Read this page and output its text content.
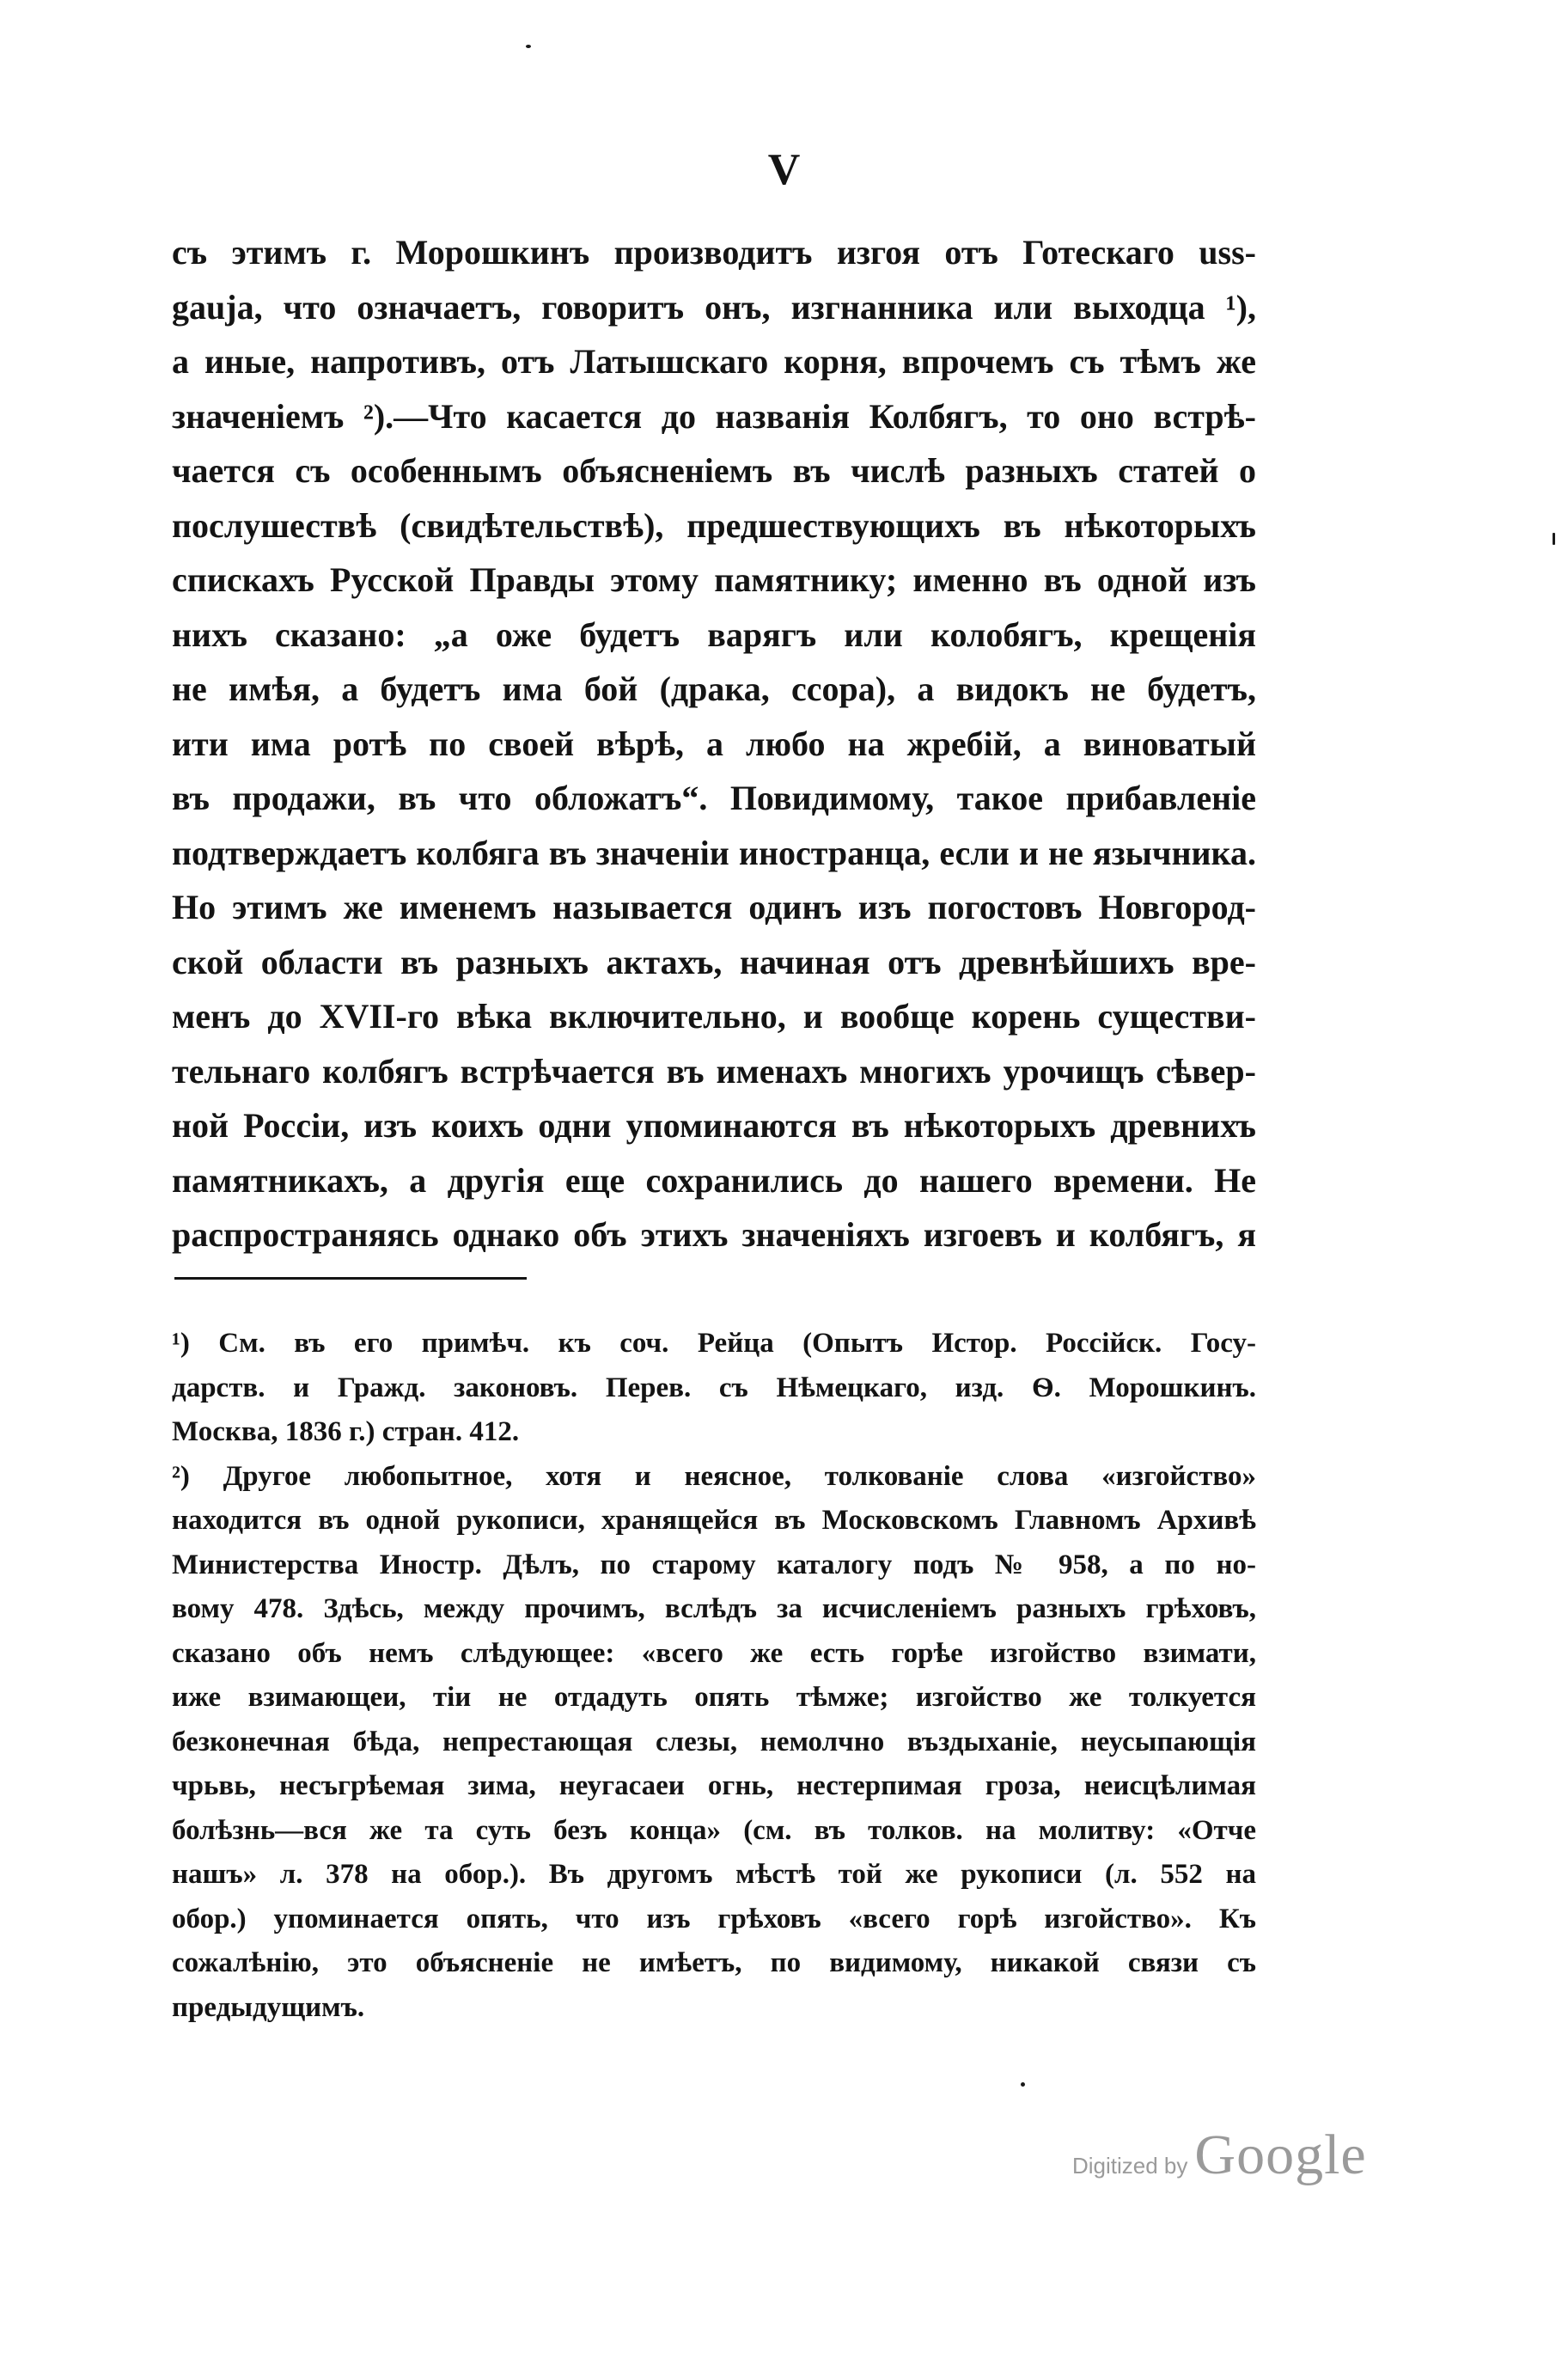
V
съ этимъ г. Морошкинъ производитъ изгоя отъ Готескаго uss-
gauja, что означаетъ, говоритъ онъ, изгнанника или выходца ¹),
а иные, напротивъ, отъ Латышскаго корня, впрочемъ съ тѣмъ же
значеніемъ ²).—Что касается до названія Колбягъ, то оно встрѣ-
чается съ особеннымъ объясненіемъ въ числѣ разныхъ статей о
послушествѣ (свидѣтельствѣ), предшествующихъ въ нѣкоторыхъ
спискахъ Русской Правды этому памятнику; именно въ одной изъ
нихъ сказано: „а оже будетъ варягъ или колобягъ, крещенія
не имѣя, а будетъ има бой (драка, ссора), а видокъ не будетъ,
ити има ротѣ по своей вѣрѣ, а любо на жребій, а виноватый
въ продажи, въ что обложатъ“. Повидимому, такое прибавленіе
подтверждаетъ колбяга въ значеніи иностранца, если и не язычника.
Но этимъ же именемъ называется одинъ изъ погостовъ Новгород-
ской области въ разныхъ актахъ, начиная отъ древнѣйшихъ вре-
менъ до XVII-го вѣка включительно, и вообще корень существи-
тельнаго колбягъ встрѣчается въ именахъ многихъ урочищъ сѣвер-
ной Россіи, изъ коихъ одни упоминаются въ нѣкоторыхъ древнихъ
памятникахъ, а другія еще сохранились до нашего времени. Не
распространяясь однако объ этихъ значеніяхъ изгоевъ и колбягъ, я
¹) См. въ его примѣч. къ соч. Рейца (Опытъ Истор. Россійск. Госу-
дарств. и Гражд. законовъ. Перев. съ Нѣмецкаго, изд. Ѳ. Морошкинъ.
Москва, 1836 г.) стран. 412.
²) Другое любопытное, хотя и неясное, толкованіе слова «изгойство»
находится въ одной рукописи, хранящейся въ Московскомъ Главномъ Архивѣ
Министерства Иностр. Дѣлъ, по старому каталогу подъ № 958, а по но-
вому 478. Здѣсь, между прочимъ, вслѣдъ за исчисленіемъ разныхъ грѣховъ,
сказано объ немъ слѣдующее: «всего же есть горѣе изгойство взимати,
иже взимающеи, тіи не отдадуть опять тѣмже; изгойство же толкуется
безконечная бѣда, непрестающая слезы, немолчно въздыханіе, неусыпающія
чрьвь, несъгрѣемая зима, неугасаеи огнь, нестерпимая гроза, неисцѣлимая
болѣзнь—вся же та суть безъ конца» (см. въ толков. на молитву: «Отче
нашъ» л. 378 на обор.). Въ другомъ мѣстѣ той же рукописи (л. 552 на
обор.) упоминается опять, что изъ грѣховъ «всего горѣ изгойство». Къ
сожалѣнію, это объясненіе не имѣетъ, по видимому, никакой связи съ
предыдущимъ.
Digitized by Google
